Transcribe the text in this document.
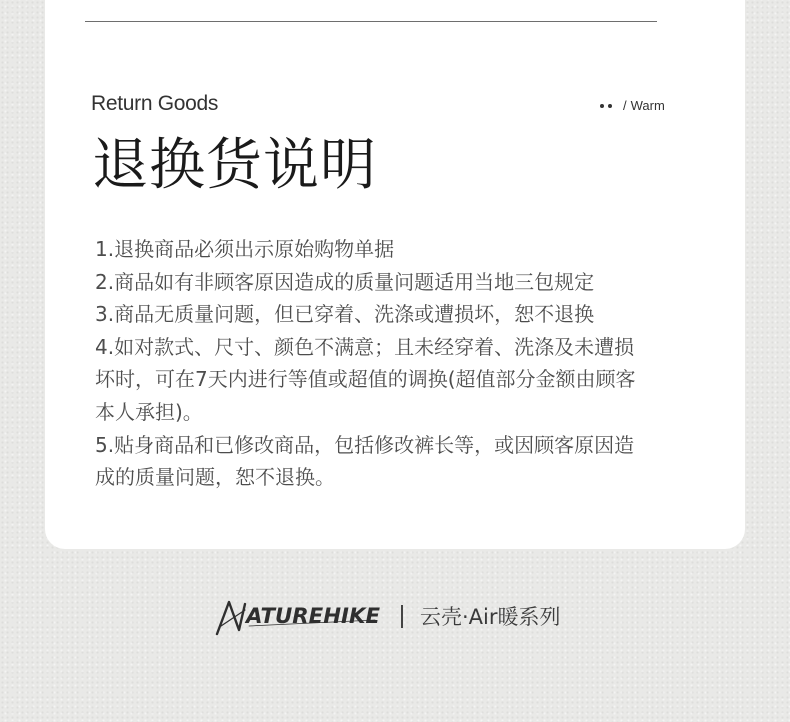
Return Goods	/ Warm
退换货说明
1.退换商品必须出示原始购物单据
2.商品如有非顾客原因造成的质量问题适用当地三包规定
3.商品无质量问题，但已穿着、洗涤或遭损坏，恕不退换
4.如对款式、尺寸、颜色不满意；且未经穿着、洗涤及未遭损坏时，可在7天内进行等值或超值的调换(超值部分金额由顾客本人承担)。
5.贴身商品和已修改商品，包括修改裤长等，或因顾客原因造成的质量问题，恕不退换。
ATUREHIKE 云壳·Air暖系列
